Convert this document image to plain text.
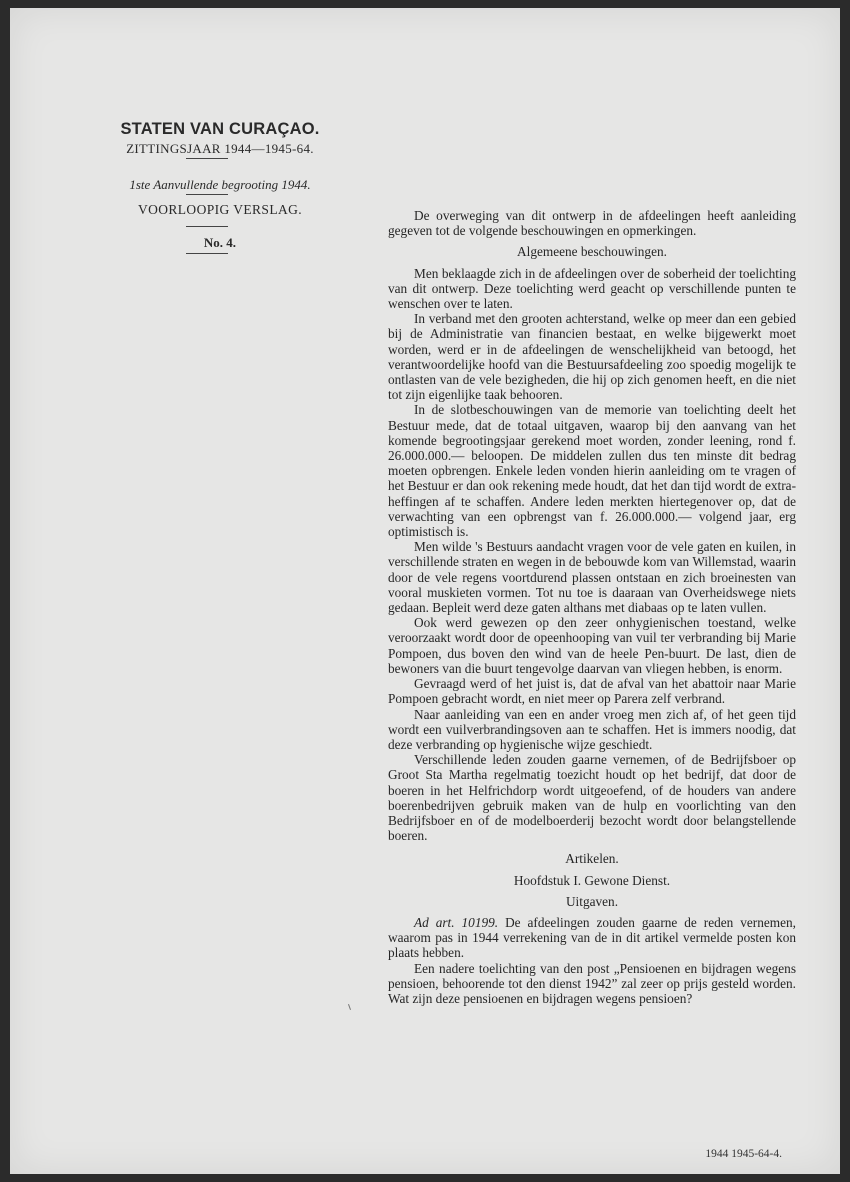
STATEN VAN CURAÇAO.
ZITTINGSJAAR 1944—1945-64.
1ste Aanvullende begrooting 1944.
VOORLOOPIG VERSLAG.
No. 4.

De overweging van dit ontwerp in de afdeelingen heeft aanleiding gegeven tot de volgende beschouwingen en opmerkingen.

Algemeene beschouwingen.

Men beklaagde zich in de afdeelingen over de soberheid der toelichting van dit ontwerp. Deze toelichting werd geacht op verschillende punten te wenschen over te laten.

In verband met den grooten achterstand, welke op meer dan een gebied bij de Administratie van financien bestaat, en welke bijgewerkt moet worden, werd er in de afdeelingen de wenschelijkheid van betoogd, het verantwoordelijke hoofd van die Bestuursafdeeling zoo spoedig mogelijk te ontlasten van de vele bezigheden, die hij op zich genomen heeft, en die niet tot zijn eigenlijke taak behooren.

In de slotbeschouwingen van de memorie van toelichting deelt het Bestuur mede, dat de totaal uitgaven, waarop bij den aanvang van het komende begrootingsjaar gerekend moet worden, zonder leening, rond f. 26.000.000.— beloopen. De middelen zullen dus ten minste dit bedrag moeten opbrengen. Enkele leden vonden hierin aanleiding om te vragen of het Bestuur er dan ook rekening mede houdt, dat het dan tijd wordt de extra-heffingen af te schaffen. Andere leden merkten hiertegenover op, dat de verwachting van een opbrengst van f. 26.000.000.— volgend jaar, erg optimistisch is.

Men wilde 's Bestuurs aandacht vragen voor de vele gaten en kuilen, in verschillende straten en wegen in de bebouwde kom van Willemstad, waarin door de vele regens voortdurend plassen ontstaan en zich broeinesten van vooral muskieten vormen. Tot nu toe is daaraan van Overheidswege niets gedaan. Bepleit werd deze gaten althans met diabaas op te laten vullen.

Ook werd gewezen op den zeer onhygienischen toestand, welke veroorzaakt wordt door de opeenhooping van vuil ter verbranding bij Marie Pompoen, dus boven den wind van de heele Pen-buurt. De last, dien de bewoners van die buurt tengevolge daarvan van vliegen hebben, is enorm.

Gevraagd werd of het juist is, dat de afval van het abattoir naar Marie Pompoen gebracht wordt, en niet meer op Parera zelf verbrand.

Naar aanleiding van een en ander vroeg men zich af, of het geen tijd wordt een vuilverbrandingsoven aan te schaffen. Het is immers noodig, dat deze verbranding op hygienische wijze geschiedt.

Verschillende leden zouden gaarne vernemen, of de Bedrijfsboer op Groot Sta Martha regelmatig toezicht houdt op het bedrijf, dat door de boeren in het Helfrichdorp wordt uitgeoefend, of de houders van andere boerenbedrijven gebruik maken van de hulp en voorlichting van den Bedrijfsboer en of de modelboerderij bezocht wordt door belangstellende boeren.

Artikelen.
Hoofdstuk I. Gewone Dienst.
Uitgaven.

Ad art. 10199. De afdeelingen zouden gaarne de reden vernemen, waarom pas in 1944 verrekening van de in dit artikel vermelde posten kon plaats hebben.

Een nadere toelichting van den post „Pensioenen en bijdragen wegens pensioen, behoorende tot den dienst 1942” zal zeer op prijs gesteld worden. Wat zijn deze pensioenen en bijdragen wegens pensioen?

1944 1945-64-4.
